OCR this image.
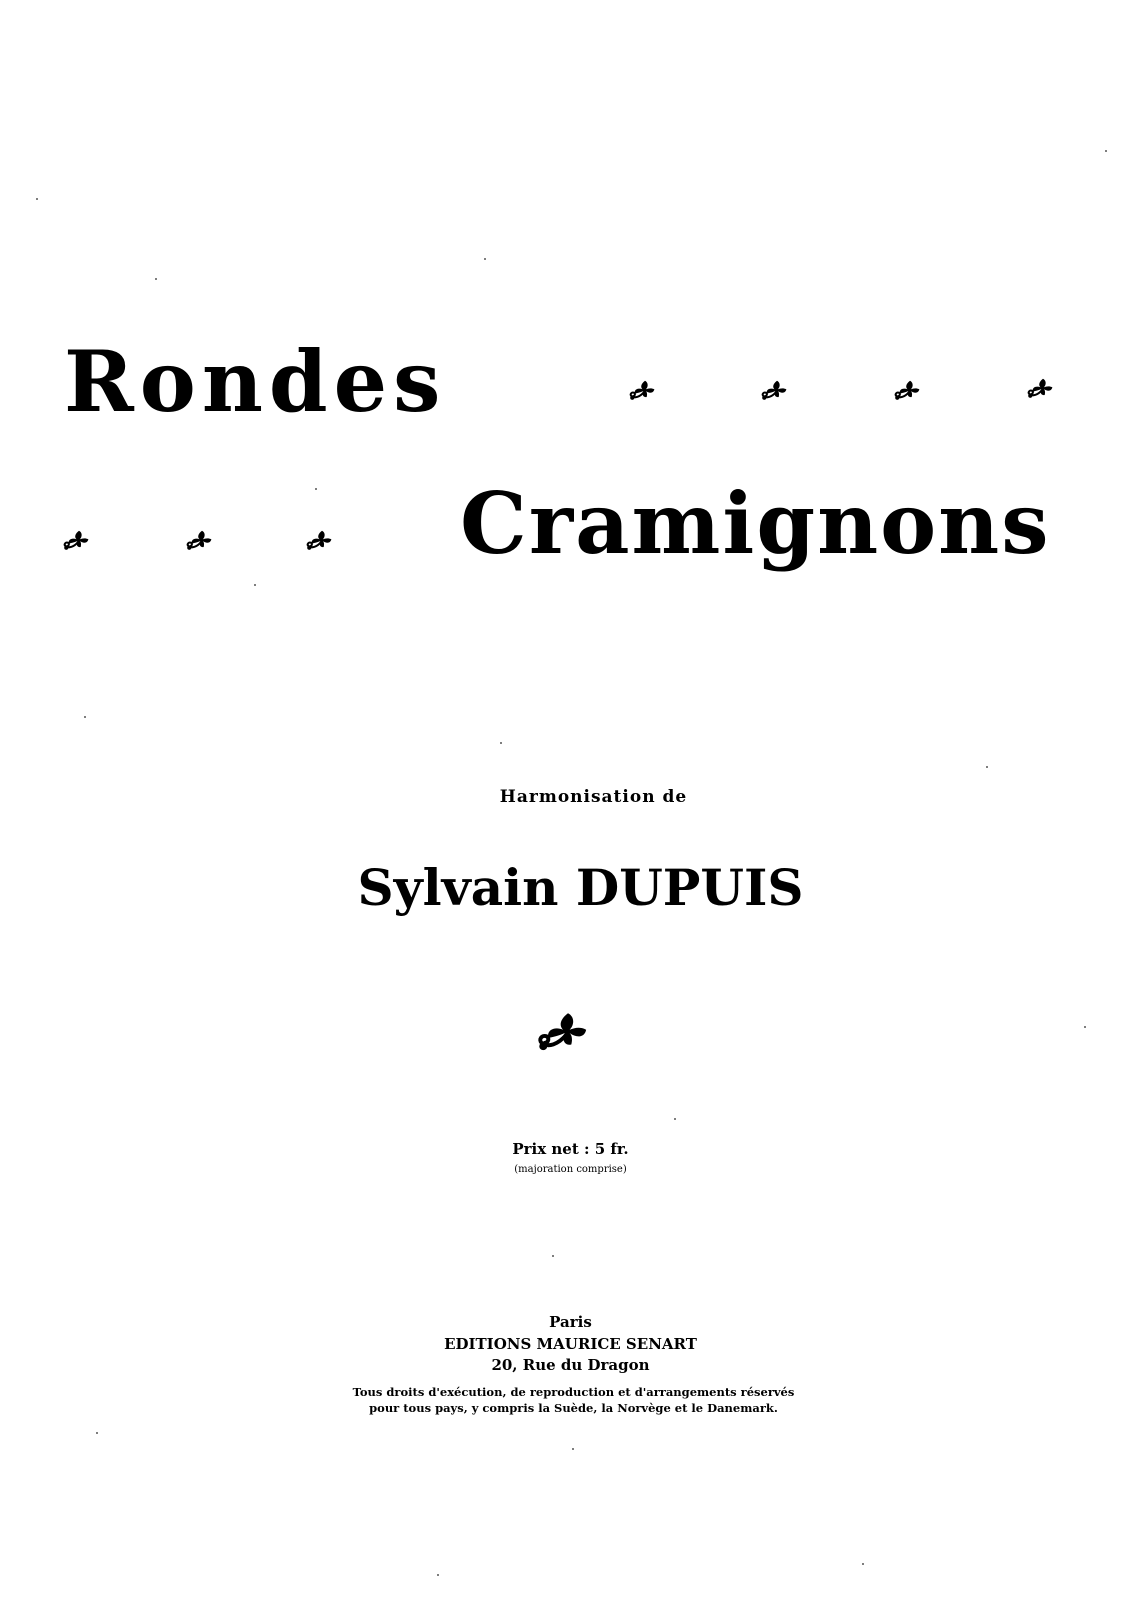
Rondes
Cramignons

Harmonisation de

Sylvain DUPUIS

Prix net : 5 fr.

(majoration comprise)

Paris

EDITIONS MAURICE SENART

20, Rue du Dragon

Tous droits d'exécution, de reproduction et d'arrangements réservés

pour tous pays, y compris la Suède, la Norvège et le Danemark.
